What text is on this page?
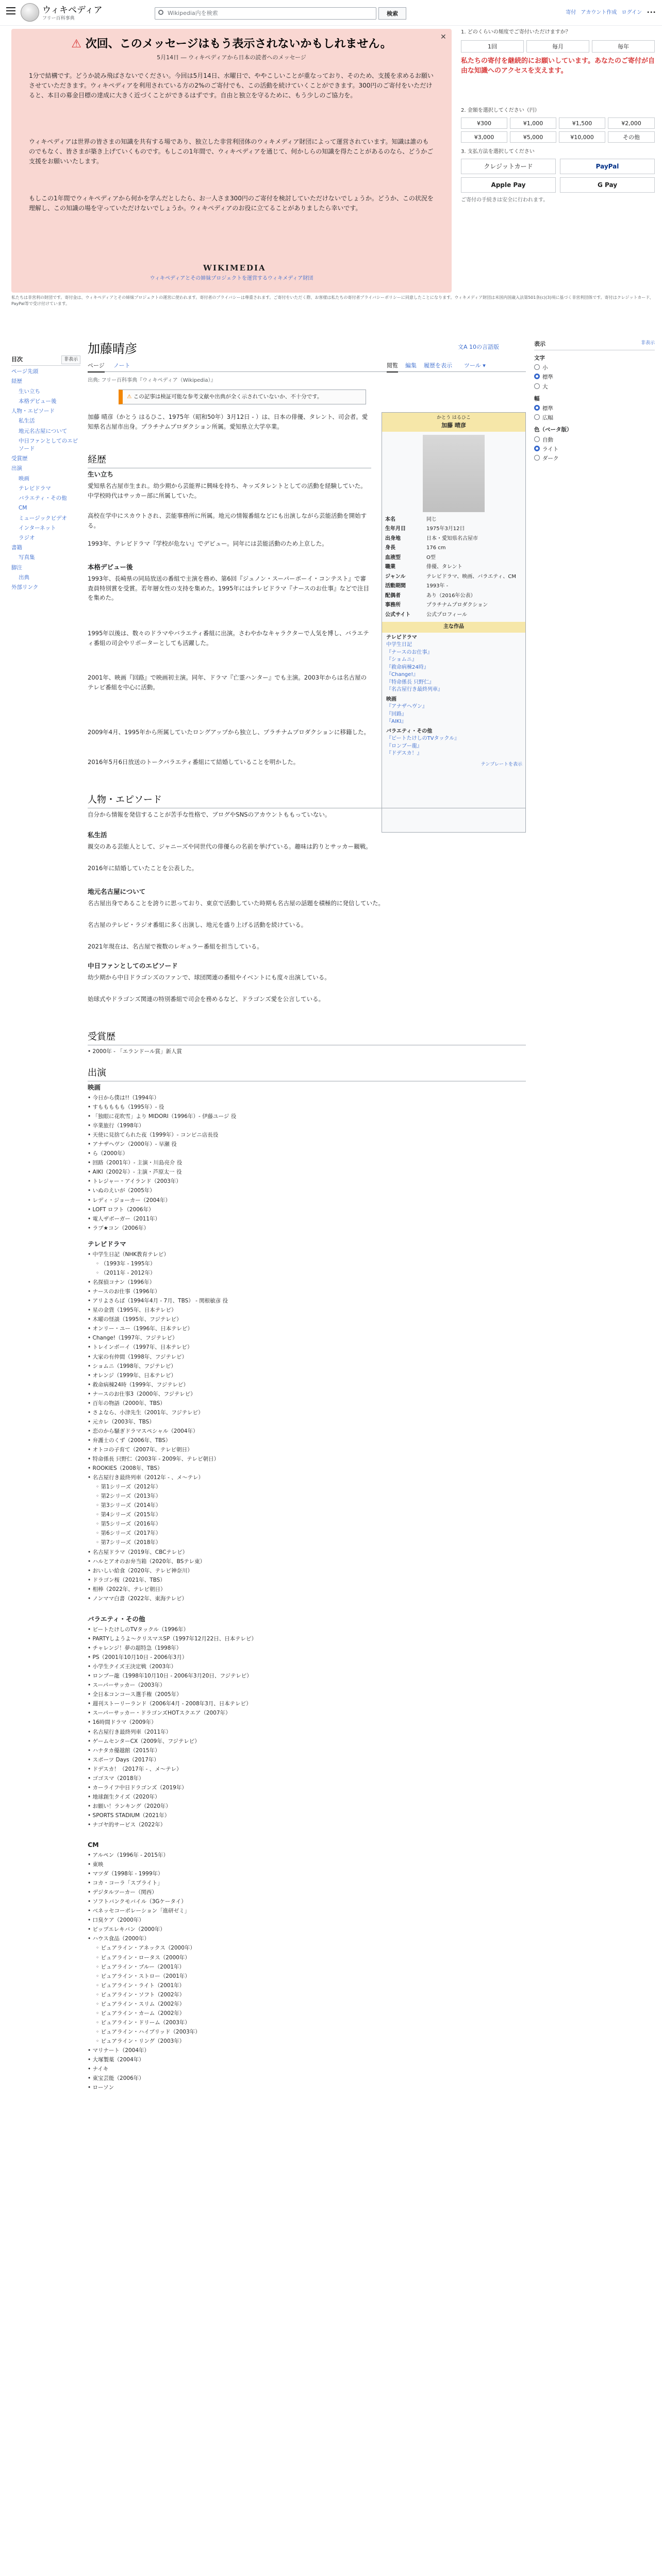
ウィキペディア
フリー百科事典
Wikipedia内を検索	検索	寄付 アカウント作成 ログイン •••
✕
⚠ 次回、このメッセージはもう表示されないかもしれません。
5月14日 ― ウィキペディアから日本の読者へのメッセージ
1分で結構です。どうか読み飛ばさないでください。今回は5月14日、水曜日で、ややこしいことが重なっており、そのため、支援を求めるお願いさせていただきます。ウィキペディアを利用されている方の2%のご寄付でも、この活動を続けていくことができます。300円のご寄付をいただけると、本日の募金目標の達成に大きく近づくことができるはずです。自由と独立を守るために、もう少しのご協力を。
ウィキペディアは世界の皆さまの知識を共有する場であり、独立した非営利団体のウィキメディア財団によって運営されています。知識は誰のものでもなく、皆さまが築き上げていくものです。もしこの1年間で、ウィキペディアを通じて、何かしらの知識を得たことがあるのなら、どうかご支援をお願いいたします。
もしこの1年間でウィキペディアから何かを学んだとしたら、お一人さま300円のご寄付を検討していただけないでしょうか。どうか、この状況を理解し、この知識の場を守っていただけないでしょうか。ウィキペディアのお役に立てることがありましたら幸いです。
WIKIMEDIA
ウィキペディアとその姉妹プロジェクトを運営するウィキメディア財団
1. どのくらいの頻度でご寄付いただけますか？
1回	毎月	毎年
私たちの寄付を継続的にお願いしています。あなたのご寄付が自由な知識へのアクセスを支えます。
2. 金額を選択してください（円）
¥300	¥1,000	¥1,500	¥2,000
¥3,000	¥5,000	¥10,000	その他
3. 支払方法を選択してください
クレジットカード	PayPal
Apple Pay	G Pay
ご寄付の手続きは安全に行われます。
私たちは非営利の財団です。寄付金は、ウィキペディアとその姉妹プロジェクトの運営に使われます。寄付者のプライバシーは尊重されます。ご寄付をいただく際、お客様は私たちの寄付者プライバシーポリシーに同意したことになります。ウィキメディア財団は米国内国歳入法第501条(c)(3)項に基づく非営利団体です。寄付はクレジットカード、PayPal等で受け付けています。
目次	非表示
ページ先頭
経歴
生い立ち
本格デビュー後
人物・エピソード
私生活
地元名古屋について
中日ファンとしてのエピソード
受賞歴
出演
映画
テレビドラマ
バラエティ・その他
CM
ミュージックビデオ
インターネット
ラジオ
書籍
写真集
脚注
出典
外部リンク
加藤晴彦	文A 10の言語版
ページ ノート	閲覧 編集 履歴を表示 ツール ▾
出典: フリー百科事典『ウィキペディア（Wikipedia）』
⚠ この記事は検証可能な参考文献や出典が全く示されていないか、不十分です。
加藤 晴彦（かとう はるひこ、1975年（昭和50年）3月12日 - ）は、日本の俳優、タレント、司会者。愛知県名古屋市出身。プラチナムプロダクション所属。愛知県立大学卒業。
経歴
生い立ち
愛知県名古屋市生まれ。幼少期から芸能界に興味を持ち、キッズタレントとしての活動を経験していた。中学校時代はサッカー部に所属していた。
高校在学中にスカウトされ、芸能事務所に所属。地元の情報番組などにも出演しながら芸能活動を開始する。
1993年、テレビドラマ『学校が危ない』でデビュー。同年には芸能活動のため上京した。
本格デビュー後
1993年、長崎県の同局放送の番組で主演を務め、第6回『ジュノン・スーパーボーイ・コンテスト』で審査員特別賞を受賞。若年層女性の支持を集めた。1995年にはテレビドラマ『ナースのお仕事』などで注目を集めた。
1995年以後は、数々のドラマやバラエティ番組に出演。さわやかなキャラクターで人気を博し、バラエティ番組の司会やリポーターとしても活躍した。
2001年、映画『回路』で映画初主演。同年、ドラマ『亡霊ハンター』でも主演。2003年からは名古屋のテレビ番組を中心に活動。
2009年4月、1995年から所属していたロングアップから独立し、プラチナムプロダクションに移籍した。
2016年5月6日放送のトークバラエティ番組にて結婚していることを明かした。
かとう はるひこ
加藤 晴彦
本名	同じ
生年月日	1975年3月12日
出身地	日本・愛知県名古屋市
身長	176 cm
血液型	O型
職業	俳優、タレント
ジャンル	テレビドラマ、映画、バラエティ、CM
活動期間	1993年 -
配偶者	あり（2016年公表）
事務所	プラチナムプロダクション
公式サイト	公式プロフィール
主な作品
テレビドラマ
中学生日記
『ナースのお仕事』
『ショムニ』
『救命病棟24時』
『Change!』
『特命係長 只野仁』
『名古屋行き最終列車』
映画
『アナザヘヴン』
『回路』
『AIKI』
バラエティ・その他
『ビートたけしのTVタックル』
『ロンブー龍』
『ドデスカ！』
テンプレートを表示
人物・エピソード
自分から情報を発信することが苦手な性格で、ブログやSNSのアカウントももっていない。
私生活
親交のある芸能人として、ジャニーズや同世代の俳優らの名前を挙げている。趣味は釣りとサッカー観戦。
2016年に結婚していたことを公表した。
地元名古屋について
名古屋出身であることを誇りに思っており、東京で活動していた時期も名古屋の話題を積極的に発信していた。
名古屋のテレビ・ラジオ番組に多く出演し、地元を盛り上げる活動を続けている。
2021年現在は、名古屋で複数のレギュラー番組を担当している。
中日ファンとしてのエピソード
幼少期から中日ドラゴンズのファンで、球団関連の番組やイベントにも度々出演している。
始球式やドラゴンズ関連の特別番組で司会を務めるなど、ドラゴンズ愛を公言している。
受賞歴
• 2000年 - 「エランドール賞」新人賞
出演
映画
• 今日から僕は!!（1994年）
• すももももも（1995年）- 役
• 「独眼に花吹雪」より MIDORI（1996年）- 伊藤ユージ 役
• 卒業旅行（1998年）
• 天使に見捨てられた夜（1999年）- コンビニ店長役
• アナザヘヴン（2000年）- 早瀬 役
• ら（2000年）
• 回路（2001年）- 主演・川島亮介 役
• AIKI（2002年）- 主演・芦原太一 役
• トレジャー・アイランド（2003年）
• いぬのえいが（2005年）
• レディ・ジョーカー（2004年）
• LOFT ロフト（2006年）
• 電人ザボーガー（2011年）
• ラブ★コン（2006年）
テレビドラマ
• 中学生日記（NHK教育テレビ）
◦ （1993年 - 1995年）
◦ （2011年 - 2012年）
• 名探偵コナン（1996年）
• ナースのお仕事（1996年）
• アリよさらば（1994年4月 - 7月、TBS） - 関根敏彦 役
• 星の金貨（1995年、日本テレビ）
• 木曜の怪談（1995年、フジテレビ）
• オンリー・ユー（1996年、日本テレビ）
• Change!（1997年、フジテレビ）
• トレインボーイ（1997年、日本テレビ）
• 大家の有仲間（1998年、フジテレビ）
• ショムニ（1998年、フジテレビ）
• オレンジ（1999年、日本テレビ）
• 救命病棟24時（1999年、フジテレビ）
• ナースのお仕事3（2000年、フジテレビ）
• 百年の物語（2000年、TBS）
• さよなら、小津先生（2001年、フジテレビ）
• 元カレ（2003年、TBS）
• 恋のから騒ぎドラマスペシャル（2004年）
• 弁護士のくず（2006年、TBS）
• オトコの子育て（2007年、テレビ朝日）
• 特命係長 只野仁（2003年 - 2009年、テレビ朝日）
• ROOKIES（2008年、TBS）
• 名古屋行き最終列車（2012年 - 、メ〜テレ）
◦ 第1シリーズ（2012年）
◦ 第2シリーズ（2013年）
◦ 第3シリーズ（2014年）
◦ 第4シリーズ（2015年）
◦ 第5シリーズ（2016年）
◦ 第6シリーズ（2017年）
◦ 第7シリーズ（2018年）
• 名古屋ドラマ（2019年、CBCテレビ）
• ハルとアオのお弁当箱（2020年、BSテレ東）
• おいしい給食（2020年、テレビ神奈川）
• ドラゴン桜（2021年、TBS）
• 相棒（2022年、テレビ朝日）
• ノンママ白書（2022年、東海テレビ）
バラエティ・その他
• ビートたけしのTVタックル（1996年）
• PARTYしようよ〜クリスマスSP（1997年12月22日、日本テレビ）
• チャレンジ！夢の超特急（1998年）
• PS（2001年10月10日 - 2006年3月）
• 小学生クイズ王決定戦（2003年）
• ロンブー龍（1998年10月10日 - 2006年3月20日、フジテレビ）
• スーパーサッカー（2003年）
• 全日本コンコース選手権（2005年）
• 週刊ストーリーランド（2006年4月 - 2008年3月、日本テレビ）
• スーパーサッカー・ドラゴンズHOTスクエア（2007年）
• 16時間ドラマ（2009年）
• 名古屋行き最終列車（2011年）
• ゲームセンターCX（2009年、フジテレビ）
• ハナタカ優越館（2015年）
• スポーツ Days（2017年）
• ドデスカ！（2017年 - 、メ〜テレ）
• ゴゴスマ（2018年）
• カーライフ中日ドラゴンズ（2019年）
• 地球創生クイズ（2020年）
• お願い！ランキング（2020年）
• SPORTS STADIUM（2021年）
• ナゴヤ的サービス（2022年）
CM
• アルペン（1996年 - 2015年）
• 東映
• マツダ（1998年 - 1999年）
• コカ・コーラ「スプライト」
• デジタルツーカー（関西）
• ソフトバンクモバイル（3Gケータイ）
• ベネッセコーポレーション「進研ゼミ」
• 口臭ケア（2000年）
• ピップエレキバン（2000年）
• ハウス食品（2000年）
◦ ピュアライン・アネックス（2000年）
◦ ピュアライン・ロータス（2000年）
◦ ピュアライン・ブルー（2001年）
◦ ピュアライン・ストロー（2001年）
◦ ピュアライン・ライト（2001年）
◦ ピュアライン・ソフト（2002年）
◦ ピュアライン・スリム（2002年）
◦ ピュアライン・カーム（2002年）
◦ ピュアライン・ドリーム（2003年）
◦ ピュアライン・ハイブリッド（2003年）
◦ ピュアライン・リング（2003年）
• マリナート（2004年）
• 大塚製薬（2004年）
• ナイキ
• 東宝芸能（2006年）
• ローソン
表示	非表示
文字
小
標準
大
幅
標準
広幅
色（ベータ版）
自動
ライト
ダーク
